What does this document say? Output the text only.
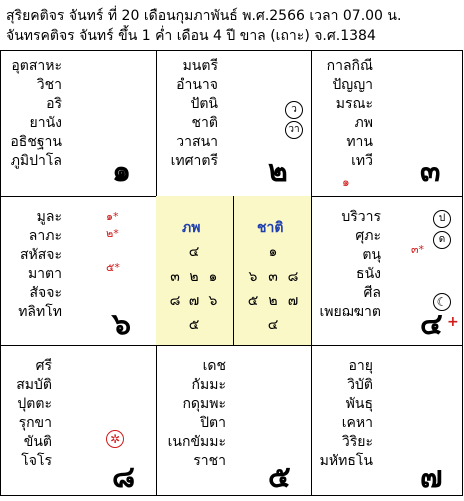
สุริยคติจร จันทร์ ที่ 20 เดือนกุมภาพันธ์ พ.ศ.2566 เวลา 07.00 น.
จันทรคติจร จันทร์ ขึ้น 1 ค่ำ เดือน 4 ปี ขาล (เถาะ) จ.ศ.1384
ภพ	ชาติ
๔
๓ ๒ ๑
๘ ๗ ๖
๕
๑
๖ ๓ ๘
๕ ๒ ๗
๔
อุตสาหะ
วิชา
อริ
ยานัง
อธิชฐาน
ภูมิปาโล ๑
มนตรี
อำนาจ
ปัตนิ
ชาติ
วาสนา
เทศาตรี
ว
วา
๒
กาลกิณี
ปัญญา
มรณะ
ภพ
ทาน
เทวี
๑ ๓
มูละ
ลาภะ
สหัสจะ
มาตา
สัจจะ
ทลิทโท
๑*
๒*
๕*
๖
บริวาร
ศุภะ
ตนุ
ธนัง
ศีล
เพยฌฆาต
ป
ด
๓*
☾
๔ +
ศรี
สมบัติ
ปุตตะ
รุกขา
ขันติ
โจโร
✲
๘
เดช
กัมมะ
กดุมพะ
ปิตา
เนกขัมมะ
ราชา ๕
อายุ
วิบัติ
พันธุ
เคหา
วิริยะ
มหัทธโน ๗
